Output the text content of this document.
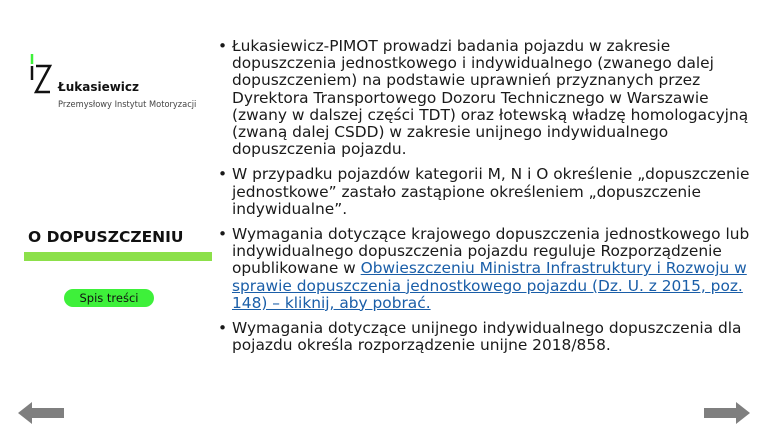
Łukasiewicz
Przemysłowy Instytut Motoryzacji
O DOPUSZCZENIU
Spis treści
• Łukasiewicz-PIMOT prowadzi badania pojazdu w zakresie dopuszczenia jednostkowego i indywidualnego (zwanego dalej dopuszczeniem) na podstawie uprawnień przyznanych przez Dyrektora Transportowego Dozoru Technicznego w Warszawie (zwany w dalszej części TDT) oraz łotewską władzę homologacyjną (zwaną dalej CSDD) w zakresie unijnego indywidualnego dopuszczenia pojazdu.
• W przypadku pojazdów kategorii M, N i O określenie „dopuszczenie jednostkowe” zastało zastąpione określeniem „dopuszczenie indywidualne”.
• Wymagania dotyczące krajowego dopuszczenia jednostkowego lub indywidualnego dopuszczenia pojazdu reguluje Rozporządzenie opublikowane w Obwieszczeniu Ministra Infrastruktury i Rozwoju w sprawie dopuszczenia jednostkowego pojazdu (Dz. U. z 2015, poz. 148) – kliknij, aby pobrać.
• Wymagania dotyczące unijnego indywidualnego dopuszczenia dla pojazdu określa rozporządzenie unijne 2018/858.
